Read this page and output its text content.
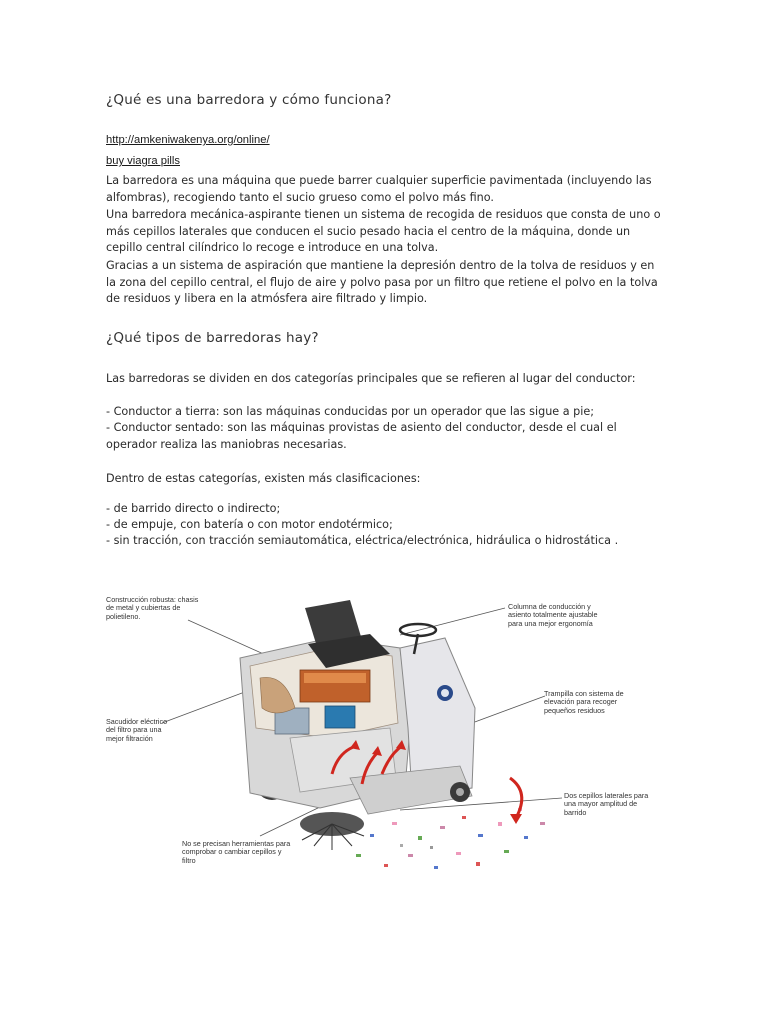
¿Qué es una barredora y cómo funciona?
http://amkeniwakenya.org/online/
buy viagra pills
La barredora es una máquina que puede barrer cualquier superficie pavimentada (incluyendo las alfombras), recogiendo tanto el sucio grueso como el polvo más fino.
Una barredora mecánica-aspirante tienen un sistema de recogida de residuos que consta de uno o más cepillos laterales que conducen el sucio pesado hacia el centro de la máquina, donde un cepillo central cilíndrico lo recoge e introduce en una tolva.
Gracias a un sistema de aspiración que mantiene la depresión dentro de la tolva de residuos y en la zona del cepillo central, el flujo de aire y polvo pasa por un filtro que retiene el polvo en la tolva de residuos y libera en la atmósfera aire filtrado y limpio.
¿Qué tipos de barredoras hay?
Las barredoras se dividen en dos categorías principales que se refieren al lugar del conductor:
- Conductor a tierra: son las máquinas conducidas por un operador que las sigue a pie;
- Conductor sentado: son las máquinas provistas de asiento del conductor, desde el cual el operador realiza las maniobras necesarias.
Dentro de estas categorías, existen más clasificaciones:
- de barrido directo o indirecto;
- de empuje, con batería o con motor endotérmico;
- sin tracción, con tracción semiautomática, eléctrica/electrónica, hidráulica o hidrostática .
Construcción robusta: chasis de metal y cubiertas de polietileno.
Columna de conducción y asiento totalmente ajustable para una mejor ergonomía
Trampilla con sistema de elevación para recoger pequeños residuos
Sacudidor eléctrico del filtro para una mejor filtración
Dos cepillos laterales para una mayor amplitud de barrido
No se precisan herramientas para comprobar o cambiar cepillos y filtro
